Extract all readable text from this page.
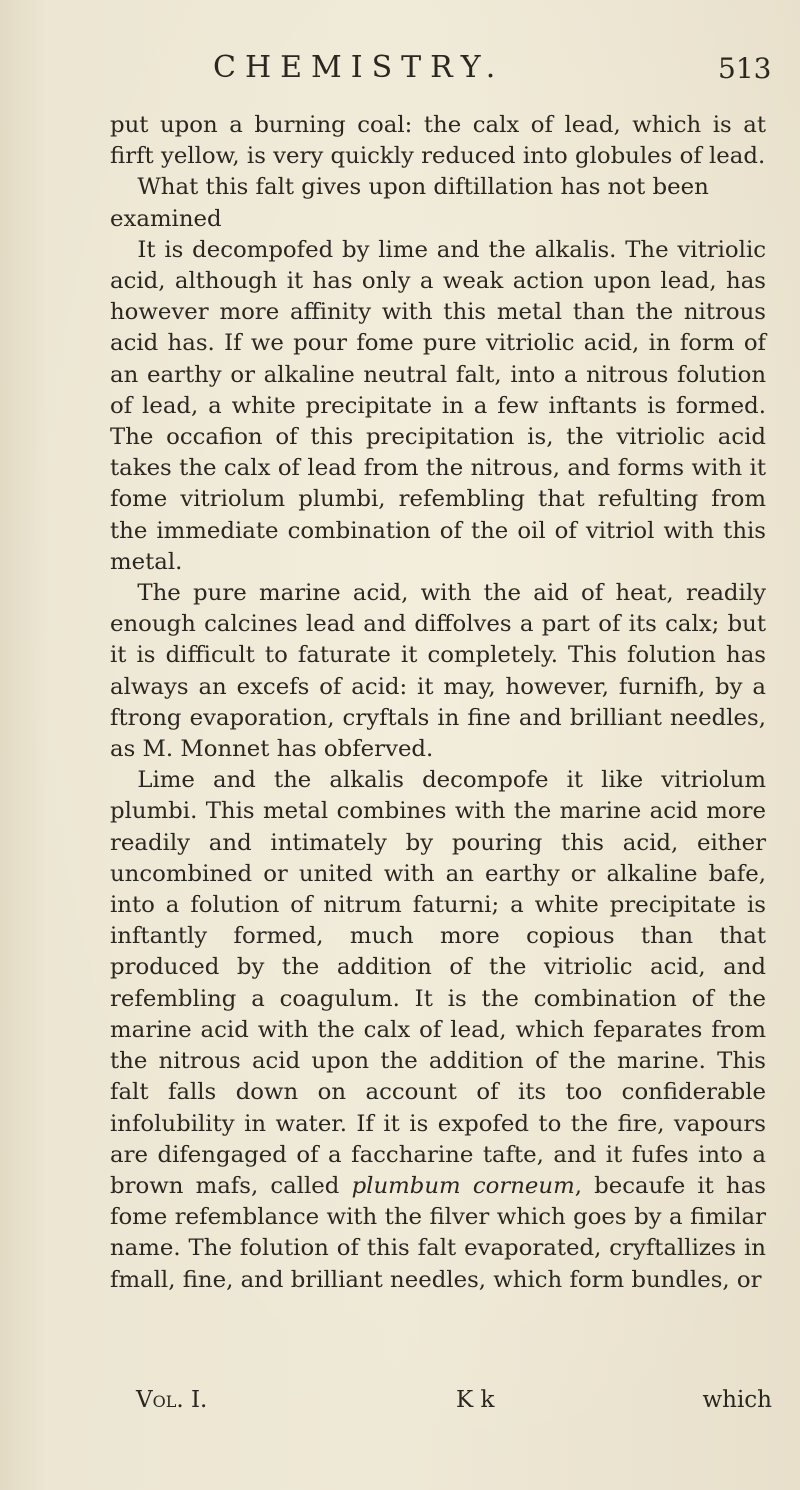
CHEMISTRY.	513

put upon a burning coal: the calx of lead, which is at firft yellow, is very quickly reduced into globules of lead.

What this falt gives upon diftillation has not been examined

It is decompofed by lime and the alkalis. The vitriolic acid, although it has only a weak action upon lead, has however more affinity with this metal than the nitrous acid has. If we pour fome pure vitriolic acid, in form of an earthy or alkaline neutral falt, into a nitrous folution of lead, a white precipitate in a few inftants is formed. The occafion of this precipitation is, the vitriolic acid takes the calx of lead from the nitrous, and forms with it fome vitriolum plumbi, refembling that refulting from the immediate combination of the oil of vitriol with this metal.

The pure marine acid, with the aid of heat, readily enough calcines lead and diffolves a part of its calx; but it is difficult to faturate it completely. This folution has always an excefs of acid: it may, however, furnifh, by a ftrong evaporation, cryftals in fine and brilliant needles, as M. Monnet has obferved.

Lime and the alkalis decompofe it like vitriolum plumbi. This metal combines with the marine acid more readily and intimately by pouring this acid, either uncombined or united with an earthy or alkaline bafe, into a folution of nitrum faturni; a white precipitate is inftantly formed, much more copious than that produced by the addition of the vitriolic acid, and refembling a coagulum. It is the combination of the marine acid with the calx of lead, which feparates from the nitrous acid upon the addition of the marine. This falt falls down on account of its too confiderable infolubility in water. If it is expofed to the fire, vapours are difengaged of a faccharine tafte, and it fufes into a brown mafs, called plumbum corneum, becaufe it has fome refemblance with the filver which goes by a fimilar name. The folution of this falt evaporated, cryftallizes in fmall, fine, and brilliant needles, which form bundles, or

Vol. I.	K k	which
